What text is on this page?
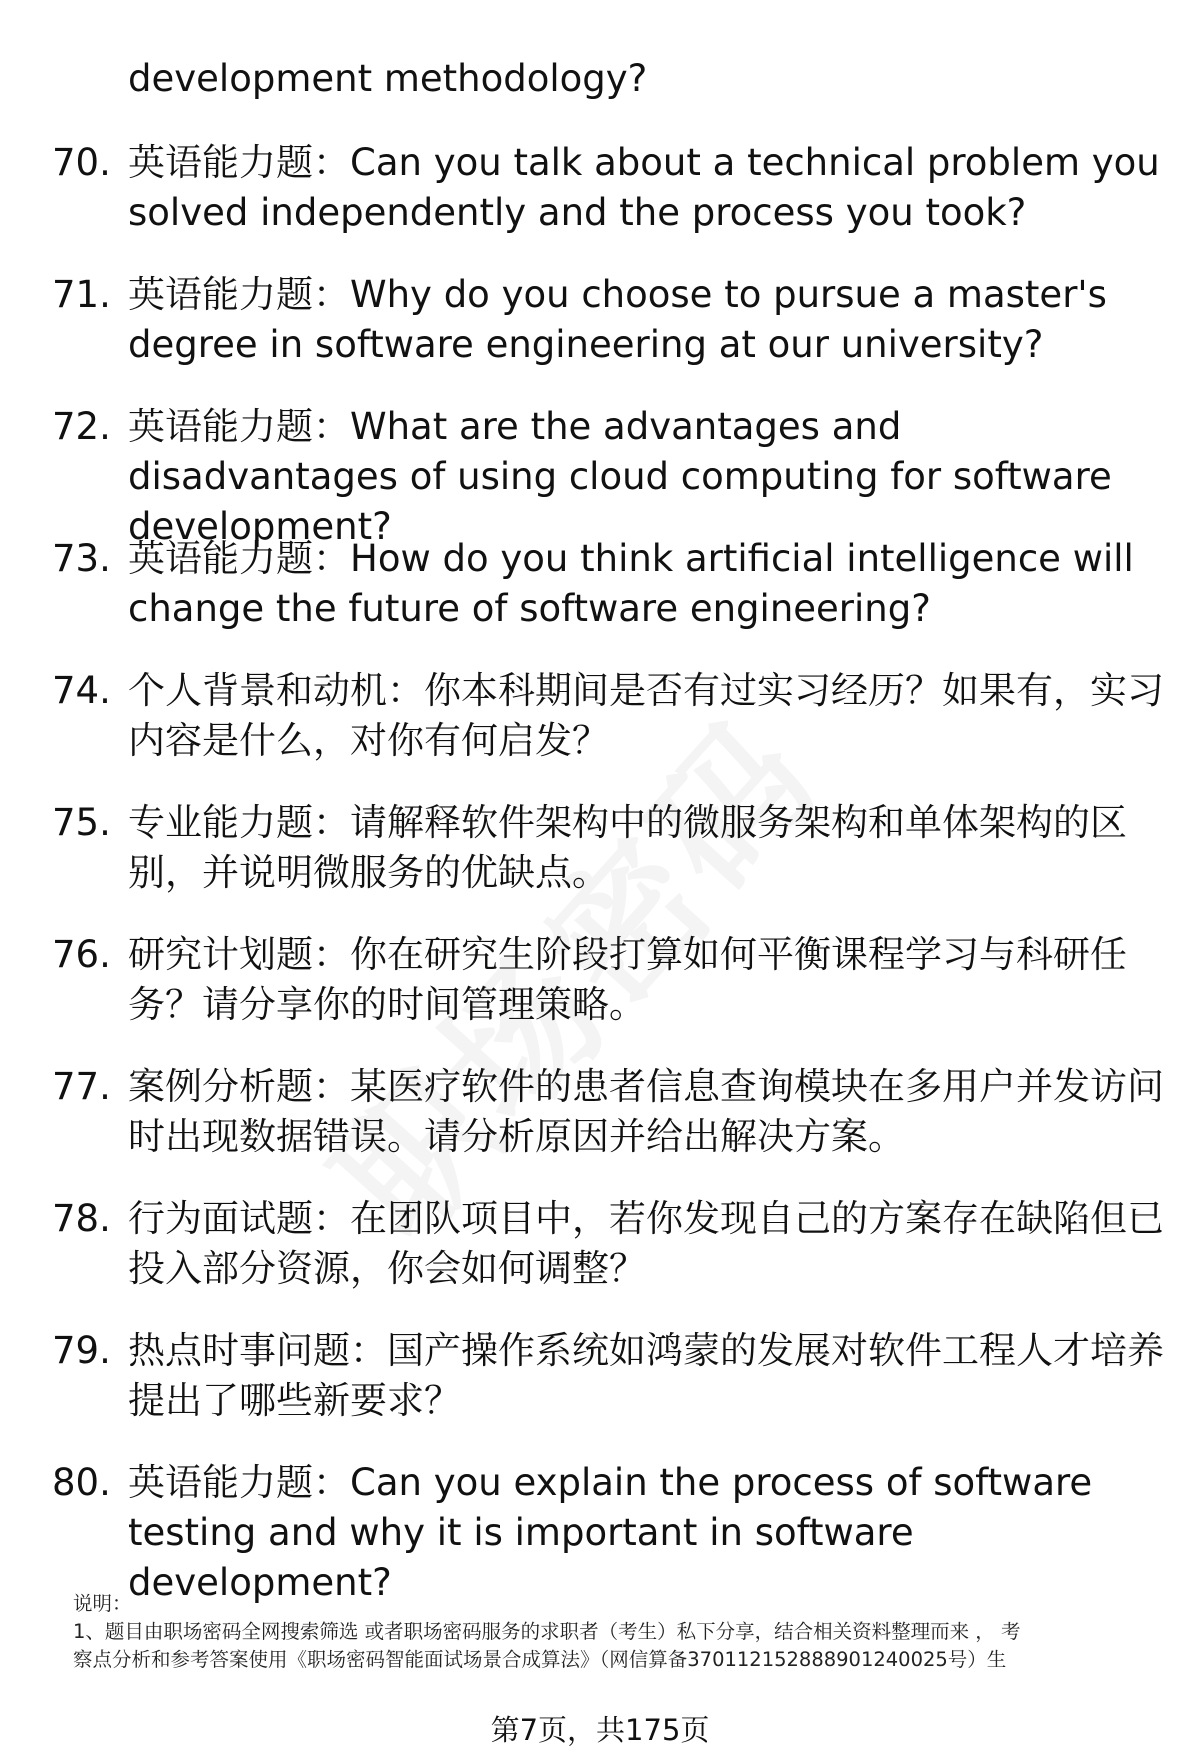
development methodology?
70. 英语能力题：Can you talk about a technical problem you solved independently and the process you took?
71. 英语能力题：Why do you choose to pursue a master's degree in software engineering at our university?
72. 英语能力题：What are the advantages and disadvantages of using cloud computing for software development?
73. 英语能力题：How do you think artificial intelligence will change the future of software engineering?
74. 个人背景和动机：你本科期间是否有过实习经历？如果有，实习内容是什么，对你有何启发？
75. 专业能力题：请解释软件架构中的微服务架构和单体架构的区别，并说明微服务的优缺点。
76. 研究计划题：你在研究生阶段打算如何平衡课程学习与科研任务？请分享你的时间管理策略。
77. 案例分析题：某医疗软件的患者信息查询模块在多用户并发访问时出现数据错误。请分析原因并给出解决方案。
78. 行为面试题：在团队项目中，若你发现自己的方案存在缺陷但已投入部分资源，你会如何调整？
79. 热点时事问题：国产操作系统如鸿蒙的发展对软件工程人才培养提出了哪些新要求？
80. 英语能力题：Can you explain the process of software testing and why it is important in software development?
说明：
1、题目由职场密码全网搜索筛选 或者职场密码服务的求职者（考生）私下分享，结合相关资料整理而来 ， 考
察点分析和参考答案使用《职场密码智能面试场景合成算法》（网信算备370112152888901240025号）生
第7页，共175页
